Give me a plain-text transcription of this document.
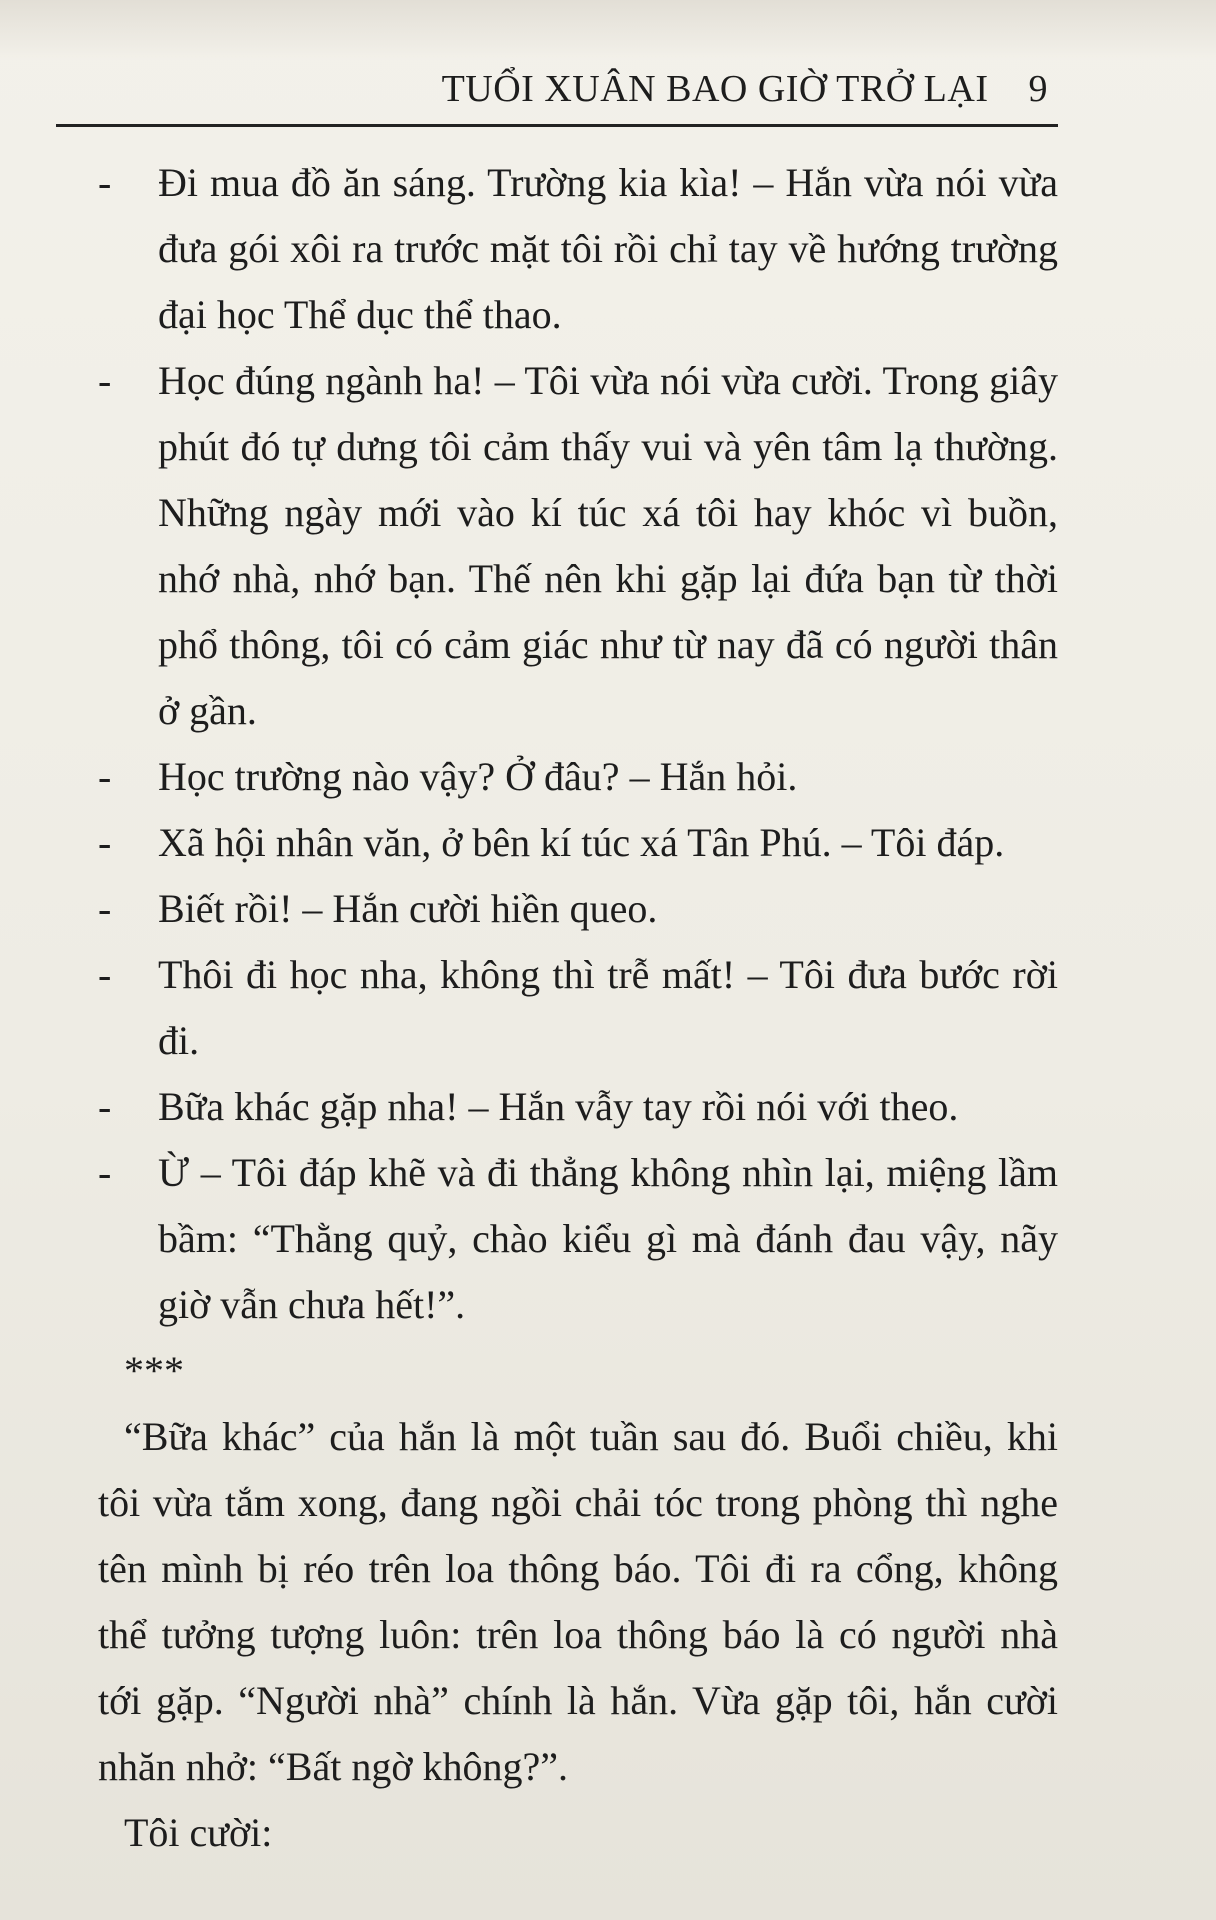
TUỔI XUÂN BAO GIỜ TRỞ LẠI 9

-	Đi mua đồ ăn sáng. Trường kia kìa! – Hắn vừa nói vừa đưa gói xôi ra trước mặt tôi rồi chỉ tay về hướng trường đại học Thể dục thể thao.

-	Học đúng ngành ha! – Tôi vừa nói vừa cười. Trong giây phút đó tự dưng tôi cảm thấy vui và yên tâm lạ thường. Những ngày mới vào kí túc xá tôi hay khóc vì buồn, nhớ nhà, nhớ bạn. Thế nên khi gặp lại đứa bạn từ thời phổ thông, tôi có cảm giác như từ nay đã có người thân ở gần.

-	Học trường nào vậy? Ở đâu? – Hắn hỏi.

-	Xã hội nhân văn, ở bên kí túc xá Tân Phú. – Tôi đáp.

-	Biết rồi! – Hắn cười hiền queo.

-	Thôi đi học nha, không thì trễ mất! – Tôi đưa bước rời đi.

-	Bữa khác gặp nha! – Hắn vẫy tay rồi nói với theo.

-	Ừ – Tôi đáp khẽ và đi thẳng không nhìn lại, miệng lầm bầm: “Thằng quỷ, chào kiểu gì mà đánh đau vậy, nãy giờ vẫn chưa hết!”.

***

“Bữa khác” của hắn là một tuần sau đó. Buổi chiều, khi tôi vừa tắm xong, đang ngồi chải tóc trong phòng thì nghe tên mình bị réo trên loa thông báo. Tôi đi ra cổng, không thể tưởng tượng luôn: trên loa thông báo là có người nhà tới gặp. “Người nhà” chính là hắn. Vừa gặp tôi, hắn cười nhăn nhở: “Bất ngờ không?”.

Tôi cười:
